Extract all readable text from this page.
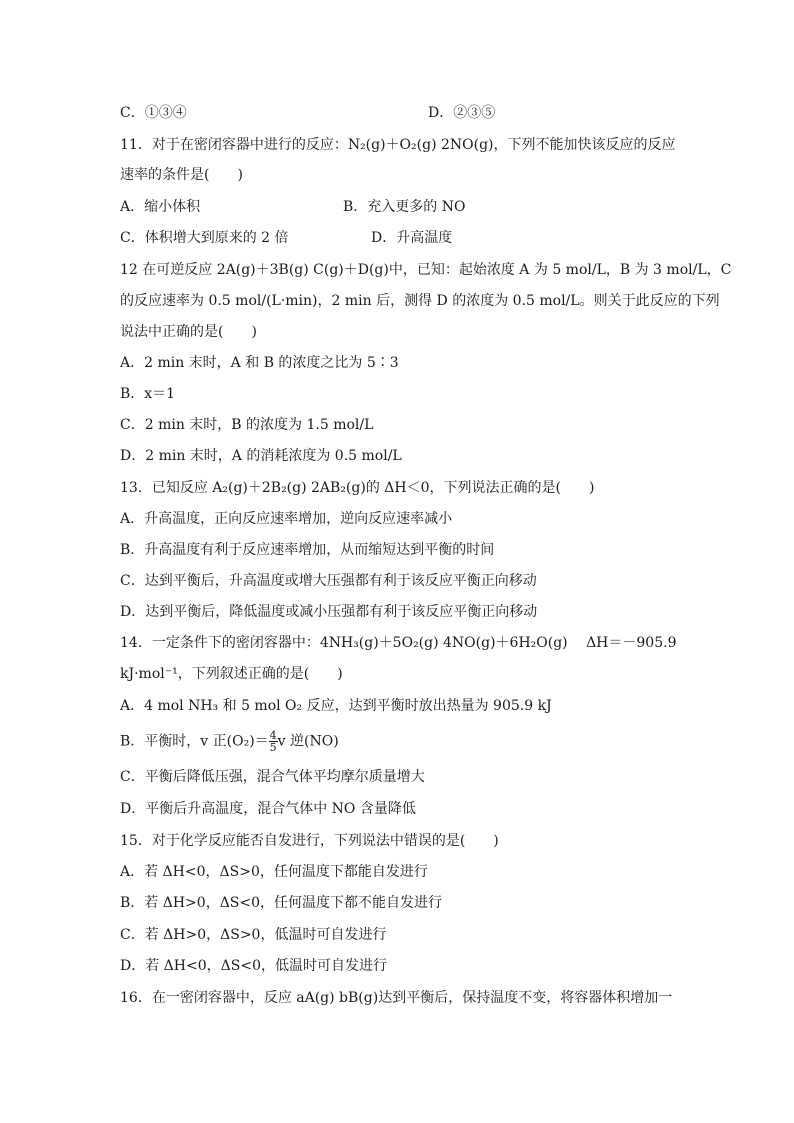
C．①③④	D．②③⑤
11．对于在密闭容器中进行的反应：N₂(g)＋O₂(g) 2NO(g)，下列不能加快该反应的反应
速率的条件是(　　)
A．缩小体积	B．充入更多的 NO
C．体积增大到原来的 2 倍	D．升高温度
12 在可逆反应 2A(g)＋3B(g) C(g)＋D(g)中，已知：起始浓度 A 为 5 mol/L，B 为 3 mol/L，C
的反应速率为 0.5 mol/(L·min)，2 min 后，测得 D 的浓度为 0.5 mol/L。则关于此反应的下列
说法中正确的是(　　)
A．2 min 末时，A 和 B 的浓度之比为 5∶3
B．x＝1
C．2 min 末时，B 的浓度为 1.5 mol/L
D．2 min 末时，A 的消耗浓度为 0.5 mol/L
13．已知反应 A₂(g)＋2B₂(g) 2AB₂(g)的 ΔH＜0，下列说法正确的是(　　)
A．升高温度，正向反应速率增加，逆向反应速率减小
B．升高温度有利于反应速率增加，从而缩短达到平衡的时间
C．达到平衡后，升高温度或增大压强都有利于该反应平衡正向移动
D．达到平衡后，降低温度或减小压强都有利于该反应平衡正向移动
14．一定条件下的密闭容器中：4NH₃(g)＋5O₂(g) 4NO(g)＋6H₂O(g)　 ΔH＝－905.9
kJ·mol⁻¹，下列叙述正确的是(　　)
A．4 mol NH₃ 和 5 mol O₂ 反应，达到平衡时放出热量为 905.9 kJ
B．平衡时，v 正$(O_2)= \frac{4}{5}$ v 逆(NO)
C．平衡后降低压强，混合气体平均摩尔质量增大
D．平衡后升高温度，混合气体中 NO 含量降低
15．对于化学反应能否自发进行，下列说法中错误的是(　　)
A．若 ΔH<0，ΔS>0，任何温度下都能自发进行
B．若 ΔH>0，ΔS<0，任何温度下都不能自发进行
C．若 ΔH>0，ΔS>0，低温时可自发进行
D．若 ΔH<0，ΔS<0，低温时可自发进行
16．在一密闭容器中，反应 aA(g) bB(g)达到平衡后，保持温度不变，将容器体积增加一
